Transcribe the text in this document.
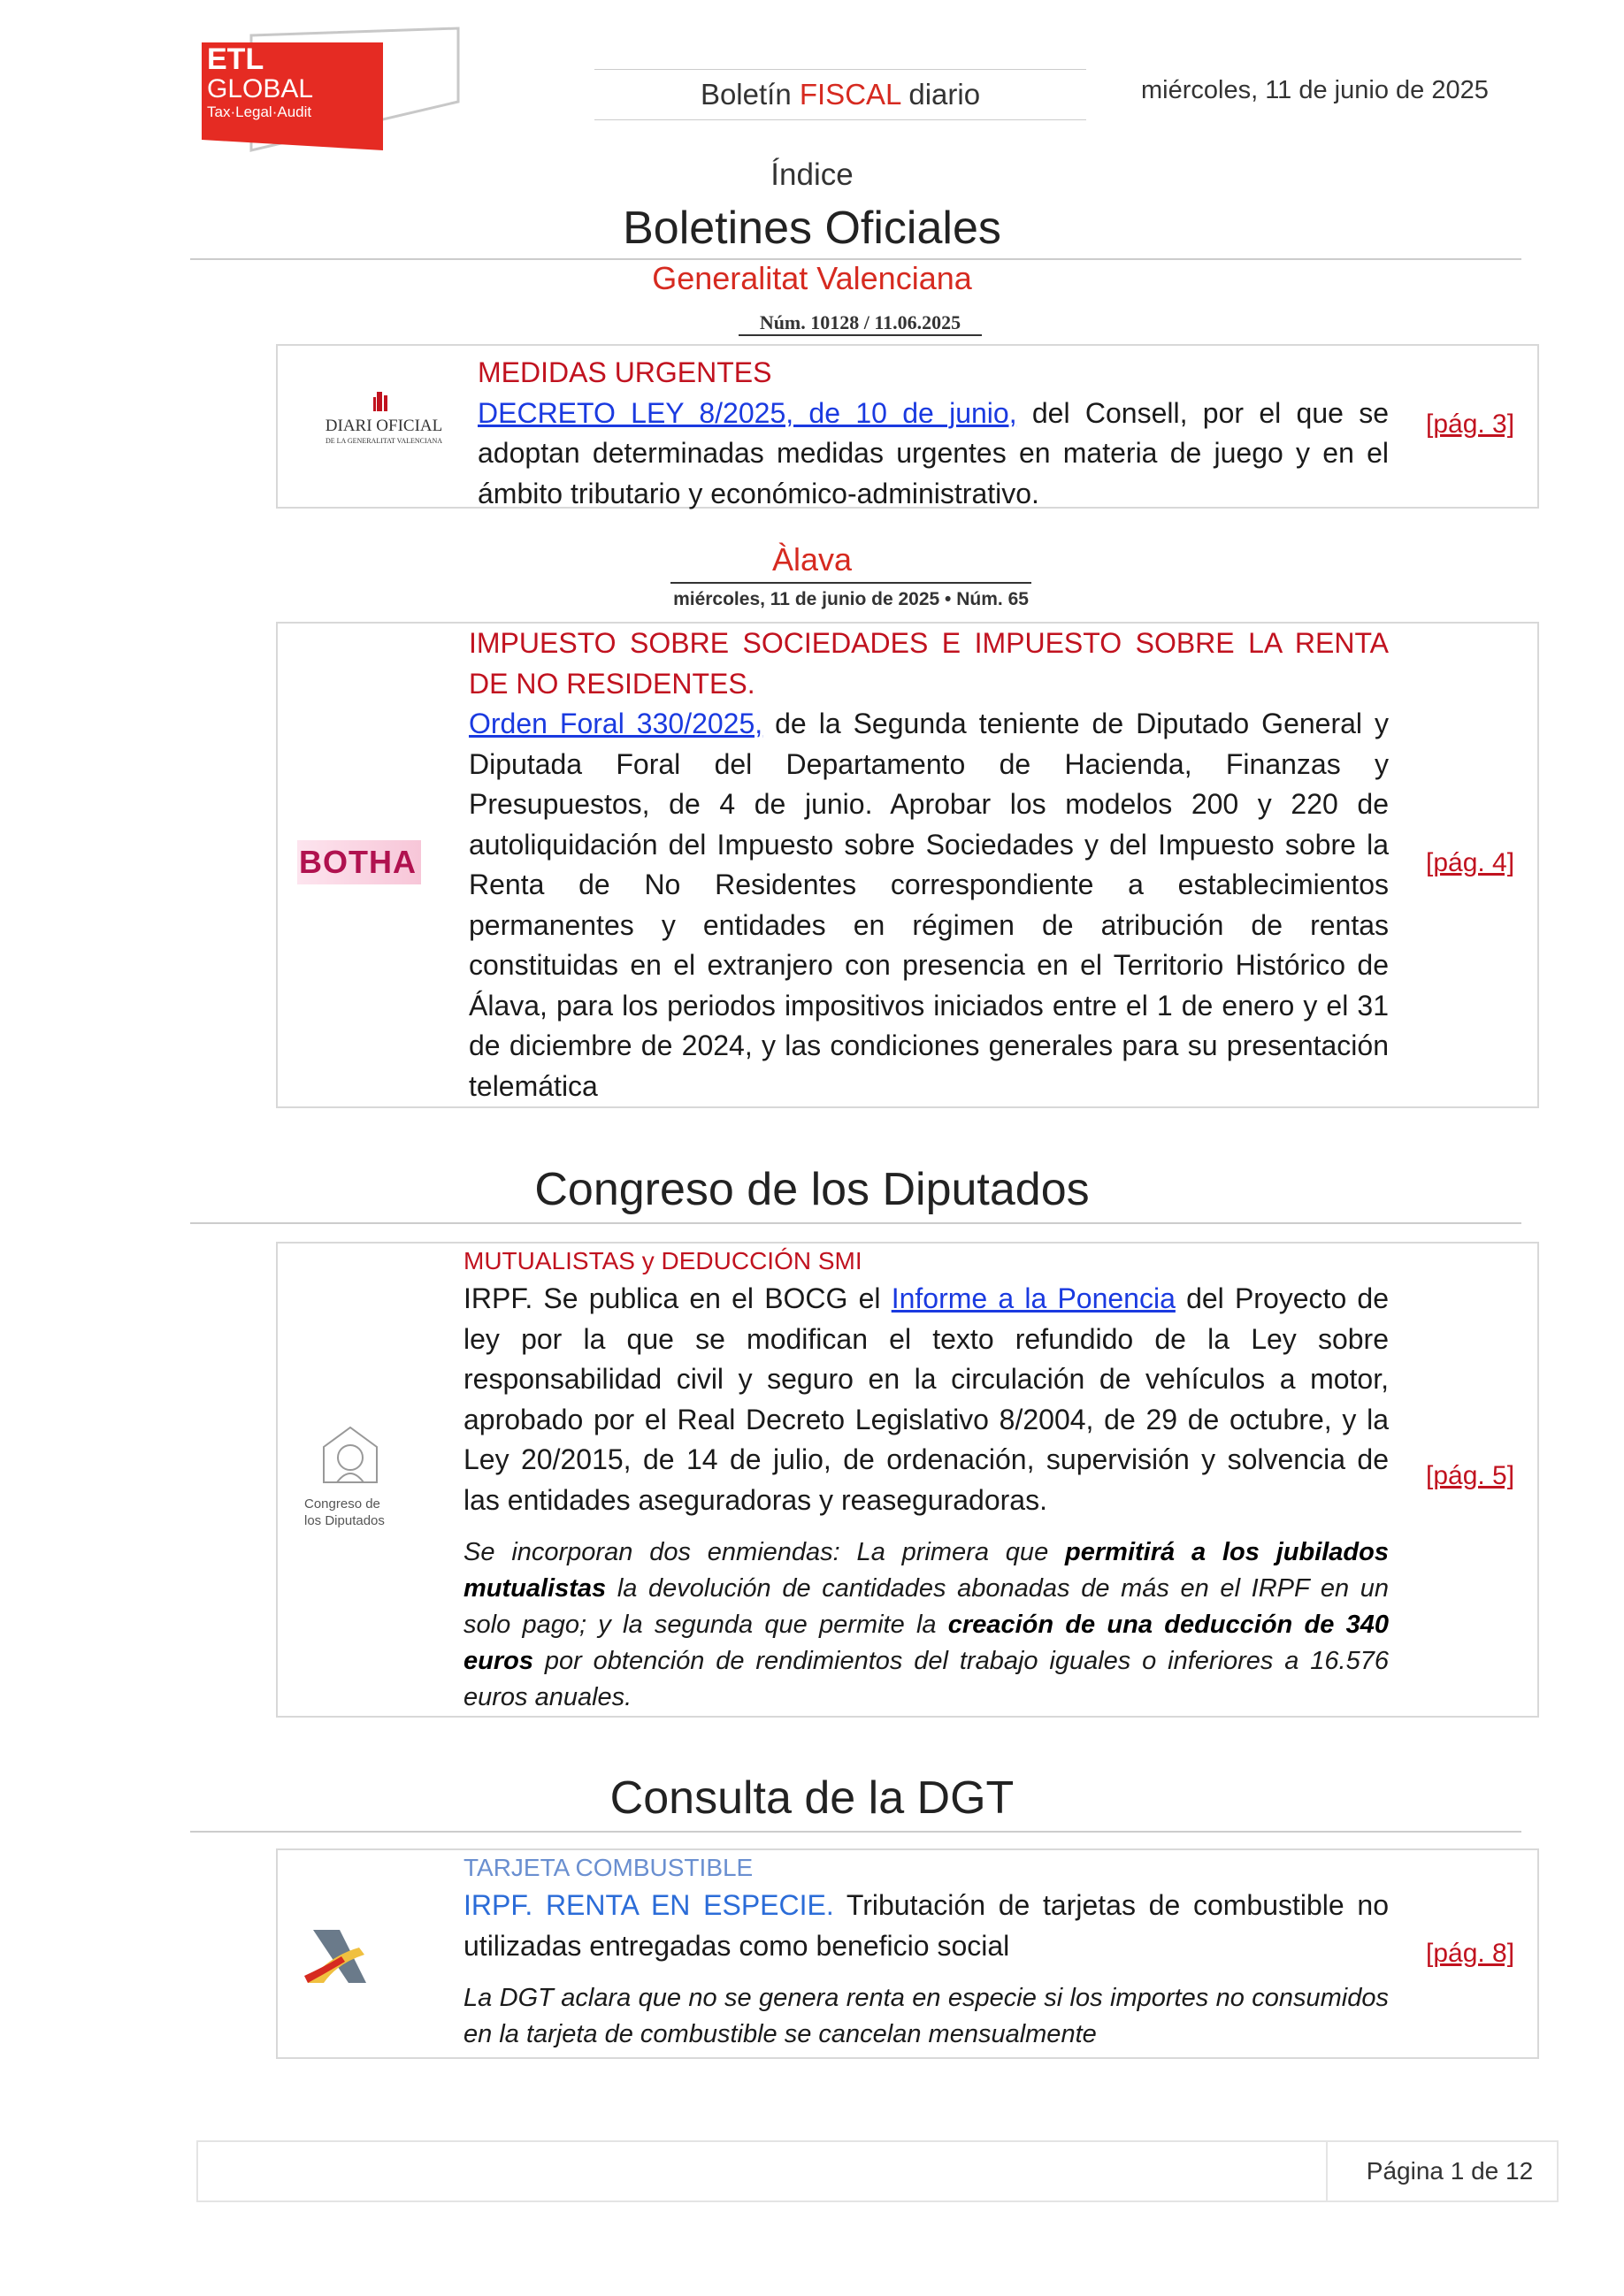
ETL
GLOBAL
Tax·Legal·Audit
Boletín FISCAL diario	miércoles, 11 de junio de 2025
Índice
Boletines Oficiales
Generalitat Valenciana
Núm. 10128 / 11.06.2025
DIARI OFICIAL
DE LA GENERALITAT VALENCIANA
MEDIDAS URGENTES
DECRETO LEY 8/2025, de 10 de junio, del Consell, por el que se adoptan determinadas medidas urgentes en materia de juego y en el ámbito tributario y económico-administrativo.
[pág. 3]
Àlava
miércoles, 11 de junio de 2025 • Núm. 65
BOTHA
IMPUESTO SOBRE SOCIEDADES E IMPUESTO SOBRE LA RENTA DE NO RESIDENTES.
Orden Foral 330/2025, de la Segunda teniente de Diputado General y Diputada Foral del Departamento de Hacienda, Finanzas y Presupuestos, de 4 de junio. Aprobar los modelos 200 y 220 de autoliquidación del Impuesto sobre Sociedades y del Impuesto sobre la Renta de No Residentes correspondiente a establecimientos permanentes y entidades en régimen de atribución de rentas constituidas en el extranjero con presencia en el Territorio Histórico de Álava, para los periodos impositivos iniciados entre el 1 de enero y el 31 de diciembre de 2024, y las condiciones generales para su presentación telemática
[pág. 4]
Congreso de los Diputados
Congreso de
los Diputados
MUTUALISTAS y DEDUCCIÓN SMI
IRPF. Se publica en el BOCG el Informe a la Ponencia del Proyecto de ley por la que se modifican el texto refundido de la Ley sobre responsabilidad civil y seguro en la circulación de vehículos a motor, aprobado por el Real Decreto Legislativo 8/2004, de 29 de octubre, y la Ley 20/2015, de 14 de julio, de ordenación, supervisión y solvencia de las entidades aseguradoras y reaseguradoras.
Se incorporan dos enmiendas: La primera que permitirá a los jubilados mutualistas la devolución de cantidades abonadas de más en el IRPF en un solo pago; y la segunda que permite la creación de una deducción de 340 euros por obtención de rendimientos del trabajo iguales o inferiores a 16.576 euros anuales.
[pág. 5]
Consulta de la DGT
TARJETA COMBUSTIBLE
IRPF. RENTA EN ESPECIE. Tributación de tarjetas de combustible no utilizadas entregadas como beneficio social
La DGT aclara que no se genera renta en especie si los importes no consumidos en la tarjeta de combustible se cancelan mensualmente
[pág. 8]
Página 1 de 12
